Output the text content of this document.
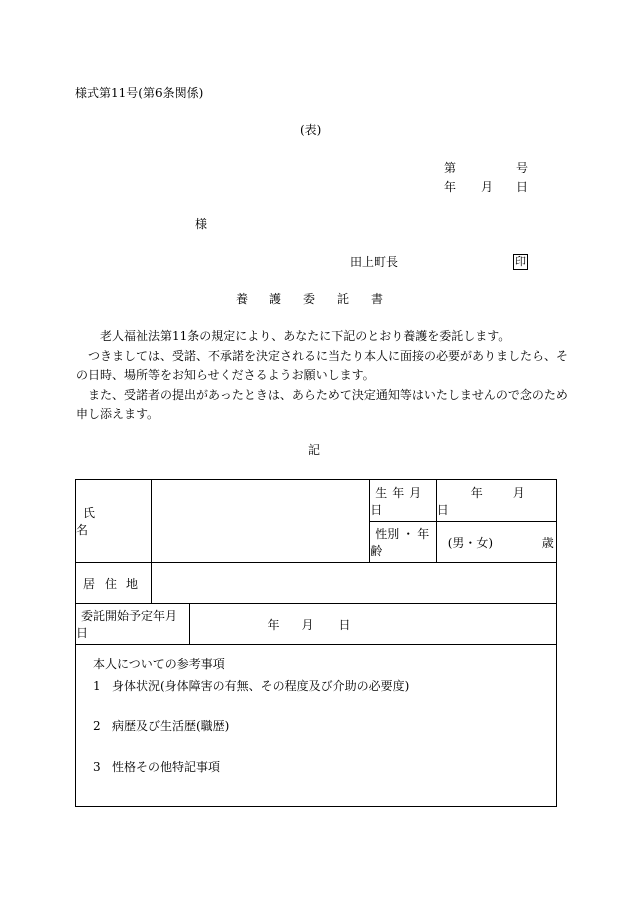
様式第11号(第6条関係)
(表)
第	号
年 月 日
様
田上町長	印
養 護 委 託 書

老人福祉法第11条の規定により、あなたに下記のとおり養護を委託します。

つきましては、受諾、不承諾を決定されるに当たり本人に面接の必要がありましたら、その日時、場所等をお知らせくださるようお願いします。

また、受諾者の提出があったときは、あらためて決定通知等はいたしませんので念のため申し添えます。

記
氏名			生 年 月日	年 月日
			性別 ・ 年齢	(男・女) 歳
居 住 地				
委託開始予定年月日		年 月 日		

本人についての参考事項
1 身体状況(身体障害の有無、その程度及び介助の必要度)
2 病歴及び生活歴(職歴)
3 性格その他特記事項				
